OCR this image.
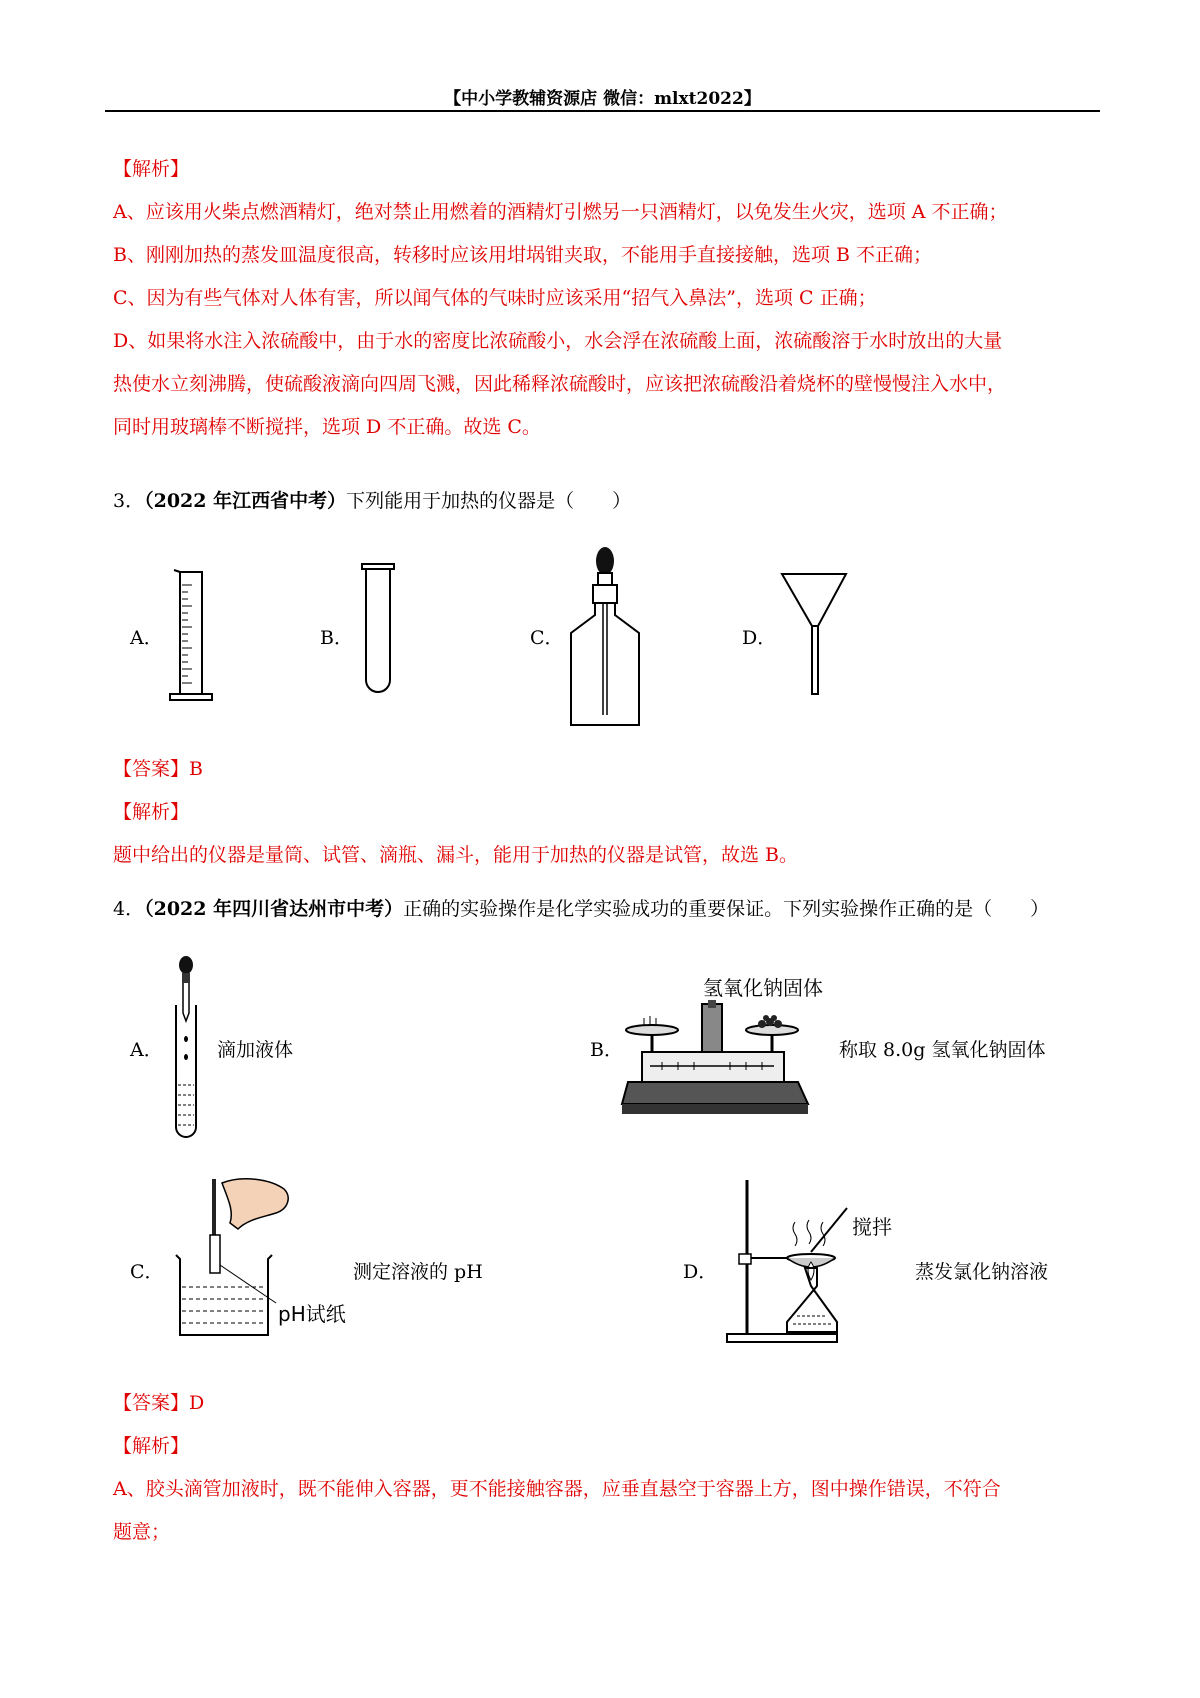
【中小学教辅资源店 微信：mlxt2022】
【解析】
A、应该用火柴点燃酒精灯，绝对禁止用燃着的酒精灯引燃另一只酒精灯，以免发生火灾，选项 A 不正确；
B、刚刚加热的蒸发皿温度很高，转移时应该用坩埚钳夹取，不能用手直接接触，选项 B 不正确；
C、因为有些气体对人体有害，所以闻气体的气味时应该采用“招气入鼻法”，选项 C 正确；
D、如果将水注入浓硫酸中，由于水的密度比浓硫酸小，水会浮在浓硫酸上面，浓硫酸溶于水时放出的大量
热使水立刻沸腾，使硫酸液滴向四周飞溅，因此稀释浓硫酸时，应该把浓硫酸沿着烧杯的壁慢慢注入水中，
同时用玻璃棒不断搅拌，选项 D 不正确。故选 C。
3．（2022 年江西省中考）下列能用于加热的仪器是（　　）
A．	B．	C．	D．
【答案】B
【解析】
题中给出的仪器是量筒、试管、滴瓶、漏斗，能用于加热的仪器是试管，故选 B。
4．（2022 年四川省达州市中考）正确的实验操作是化学实验成功的重要保证。下列实验操作正确的是（　　）
A．	滴加液体	B．
氢氧化钠固体
称取 8.0g 氢氧化钠固体
C．
pH试纸
测定溶液的 pH	D．
搅拌
蒸发氯化钠溶液
【答案】D
【解析】
A、胶头滴管加液时，既不能伸入容器，更不能接触容器，应垂直悬空于容器上方，图中操作错误，不符合
题意；
